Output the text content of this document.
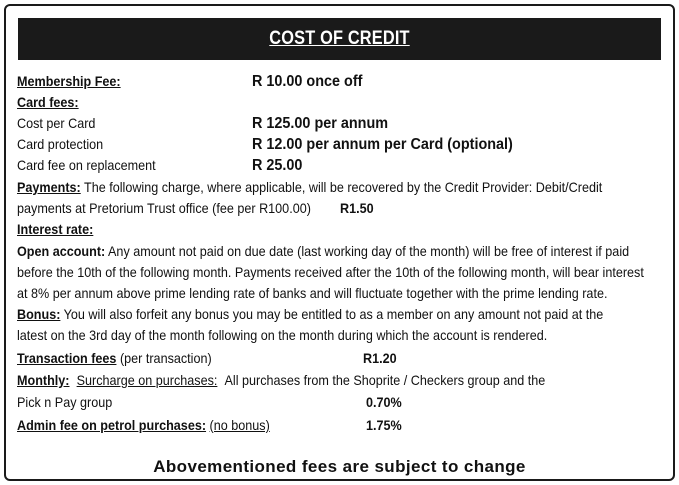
COST OF CREDIT
Membership Fee:	R 10.00 once off
Card fees:
Cost per Card	R 125.00 per annum
Card protection	R 12.00 per annum per Card (optional)
Card fee on replacement	R 25.00
Payments: The following charge, where applicable, will be recovered by the Credit Provider: Debit/Credit
payments at Pretorium Trust office (fee per R100.00) R1.50
Interest rate:
Open account: Any amount not paid on due date (last working day of the month) will be free of interest if paid
before the 10th of the following month. Payments received after the 10th of the following month, will bear interest
at 8% per annum above prime lending rate of banks and will fluctuate together with the prime lending rate.
Bonus: You will also forfeit any bonus you may be entitled to as a member on any amount not paid at the
latest on the 3rd day of the month following on the month during which the account is rendered.
Transaction fees (per transaction)	R1.20
Monthly: Surcharge on purchases: All purchases from the Shoprite / Checkers group and the
Pick n Pay group	0.70%
Admin fee on petrol purchases: (no bonus)	1.75%
Abovementioned fees are subject to change
